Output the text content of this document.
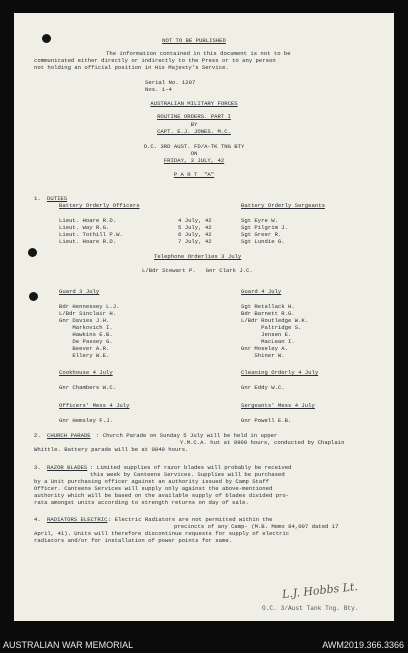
NOT TO BE PUBLISHED
The information contained in this document is not to be
communicated either directly or indirectly to the Press or to any person
not holding an official position in His Majesty's Service.
Serial No. 1207
Nos. 1-4
AUSTRALIAN MILITARY FORCES
ROUTINE ORDERS. PART I
BY
CAPT. E.J. JONES. M.C.
O.C. 3RD AUST. FD/A-TK TNG BTY
ON
FRIDAY, 3 JULY, 42
P A R T  "A"
1. DUTIES
Battery Orderly Officers	Battery Orderly Sergeants
Lieut. Hoare R.D.	4 July, 42	Sgt Eyre W.
Lieut. Way R.G.	5 July, 42	Sgt Pilgrim J.
Lieut. Tothill P.W.	6 July, 42	Sgt Greer R.
Lieut. Hoare R.D.	7 July, 42	Sgt Lundie G.
Telephone Orderlies 3 July
L/Bdr Stewart P.   Gnr Clark J.C.
Guard 3 July
Bdr Hennessey L.J.
L/Bdr Sinclair H.
Gnr Davies J.H.
Markovich I.
Hawkins E.B.
De Passey G.
Beever A.R.
Ellery W.E.
Guard 4 July
Sgt Retallack H.
Bdr Barnett R.G.
L/Bdr Routledge W.K.
Paltridge S.
Jensen E.
MacLean I.
Gnr Moseley A.
Shiner W.
Cookhouse 4 July
Gnr Chambers W.C.
Cleaning Orderly 4 July
Gnr Eddy W.C.
Officers' Mess 4 July
Gnr Hemsley F.J.
Sergeants' Mess 4 July
Gnr Powell E.B.
2. CHURCH PARADE : Church Parade on Sunday 5 July will be held in upper
Y.M.C.A. hut at 0900 hours, conducted by Chaplain
Whittle. Battery parade will be at 0840 hours.
3. RAZOR BLADES : Limited supplies of razor blades will probably be received
this week by Canteens Services. Supplies will be purchased
by a Unit purchasing officer against an authority issued by Camp Staff
Officer. Canteens Services will supply only against the above-mentioned
authority which will be based on the available supply of blades divided pro-
rata amongst units according to strength returns on day of sale.
4. RADIATORS ELECTRIC : Electric Radiators are not permitted within the
precincts of any Camp- (M.B. Memo 84,007 dated 17
April, 41). Units will therefore discontinue requests for supply of electric
radiators and/or for installation of power points for same.
L.J. Hobbs Lt.
O.C. 3/Aust Tank Tng. Bty.
AUSTRALIAN WAR MEMORIAL	AWM2019.366.3366
